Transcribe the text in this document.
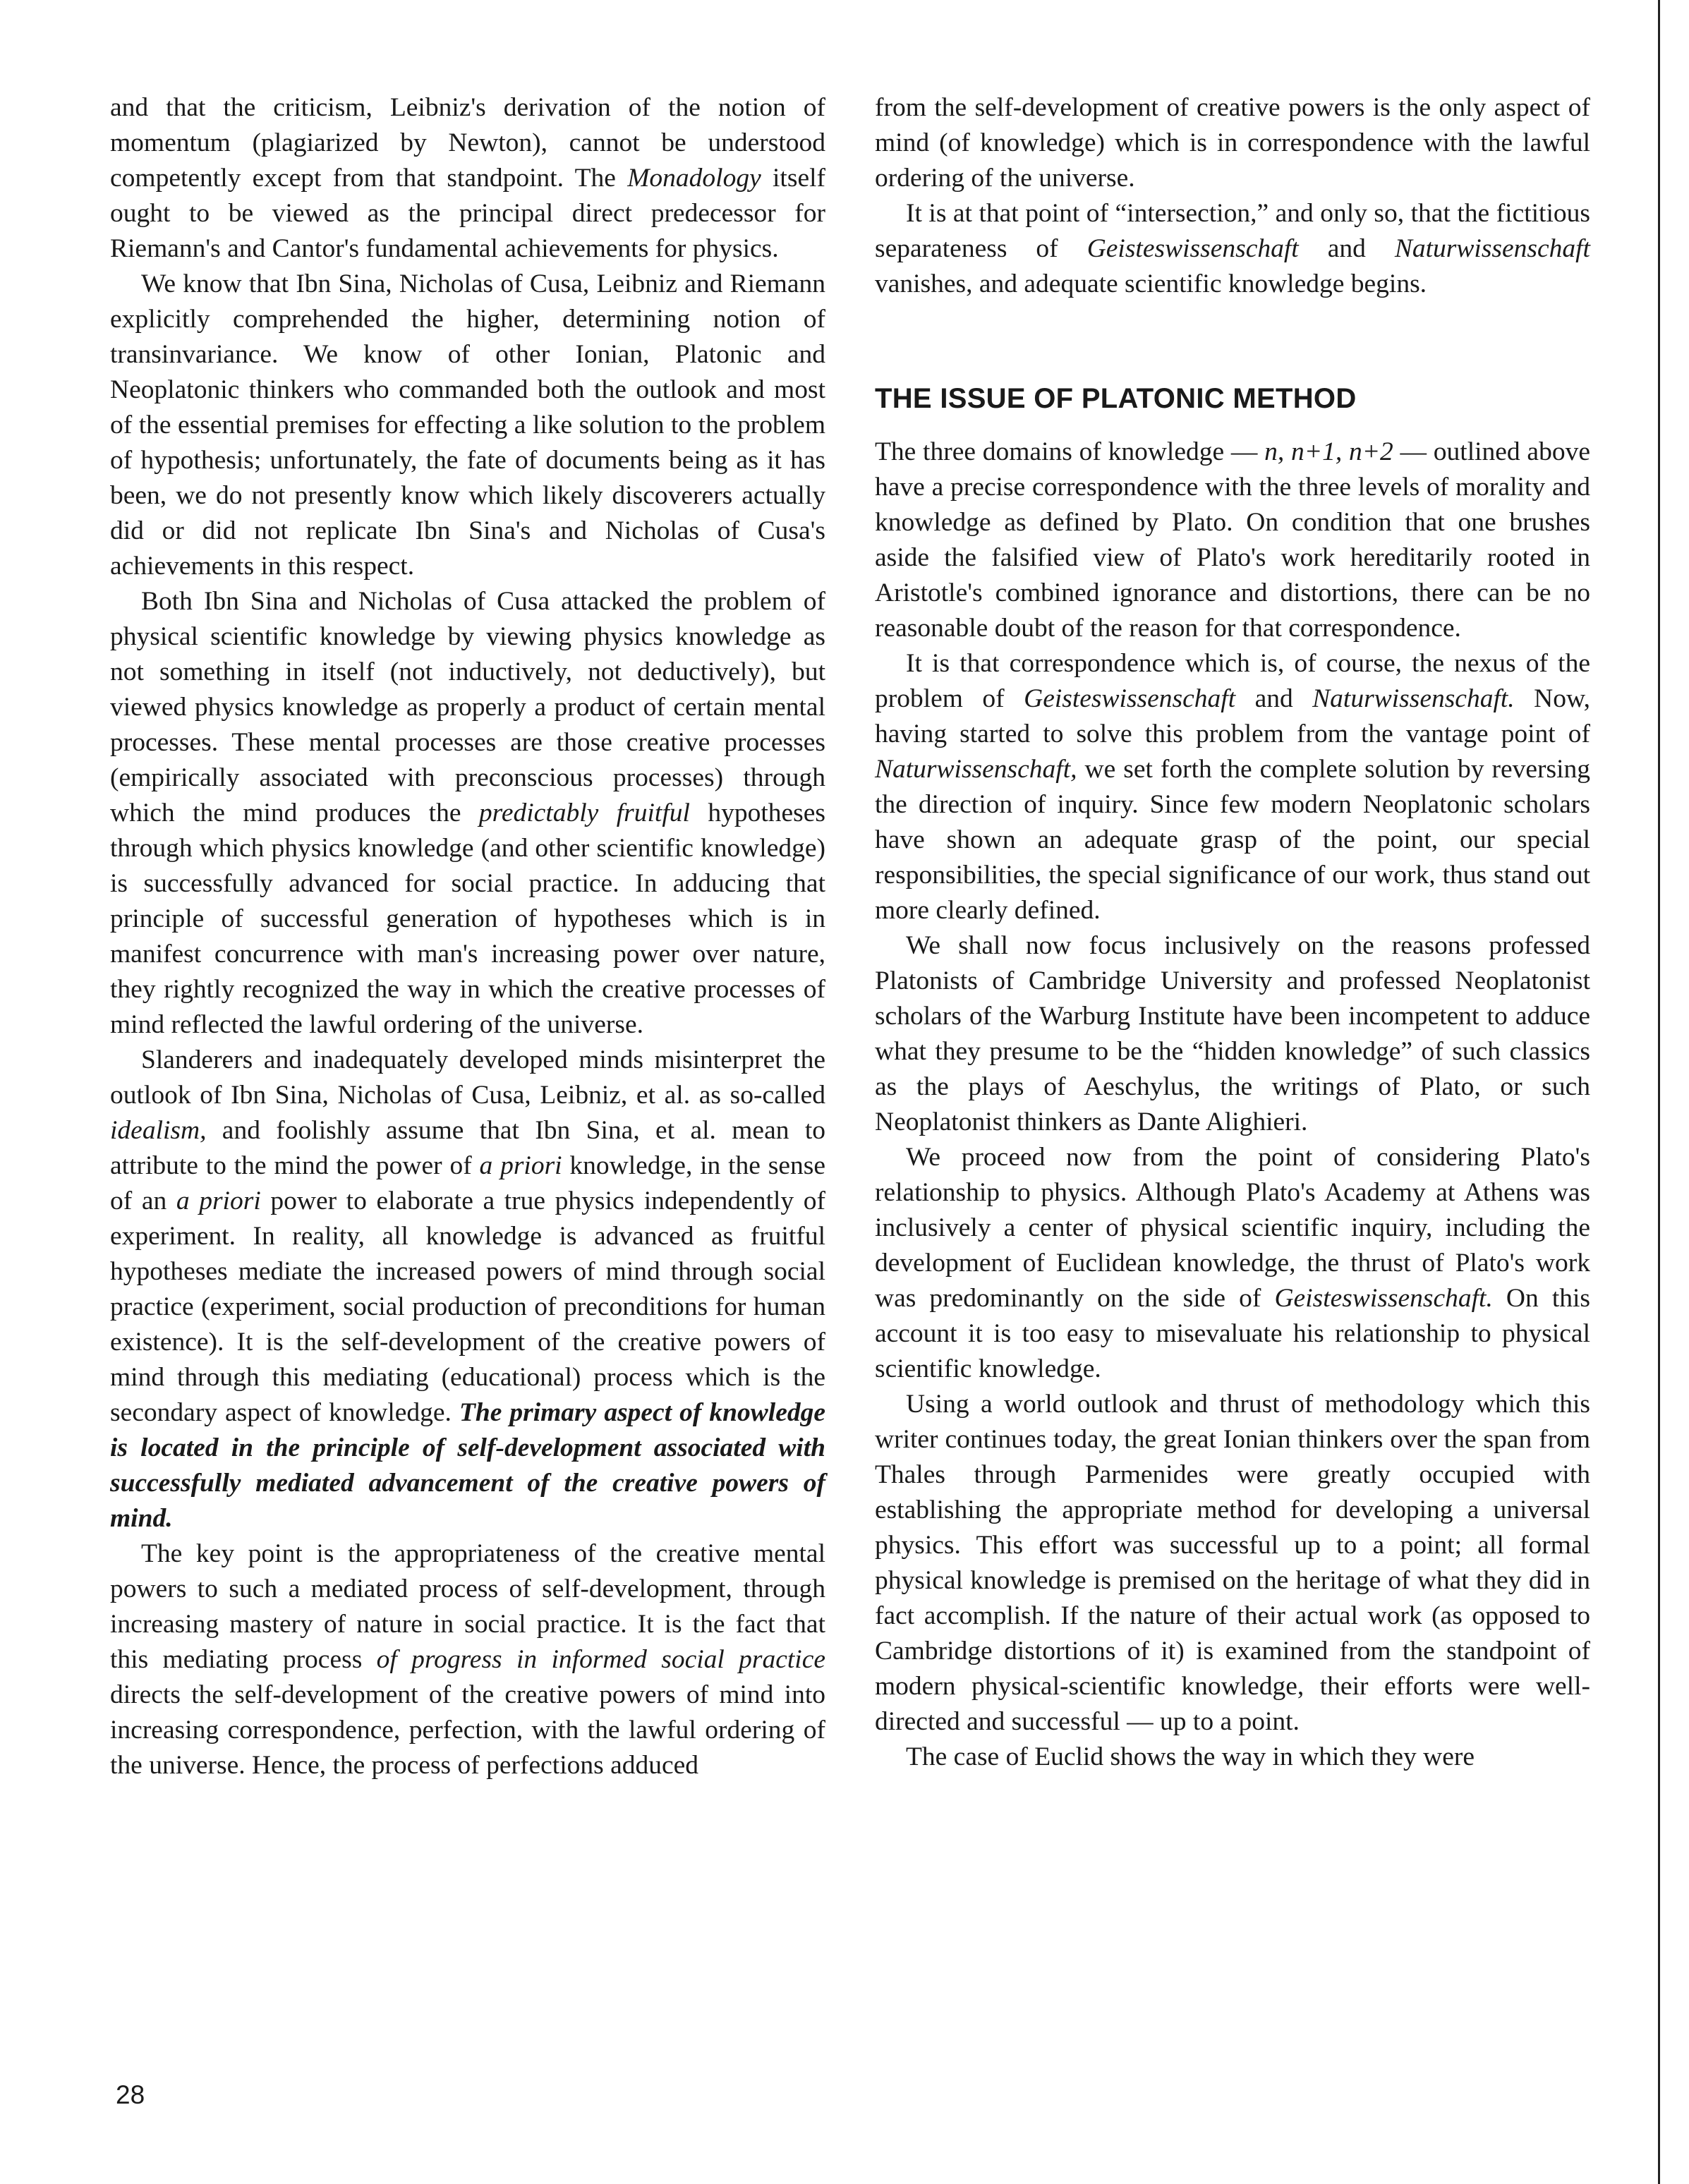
and that the criticism, Leibniz's derivation of the notion of momentum (plagiarized by Newton), cannot be understood competently except from that standpoint. The Monadology itself ought to be viewed as the principal direct predecessor for Riemann's and Cantor's fundamental achievements for physics.

We know that Ibn Sina, Nicholas of Cusa, Leibniz and Riemann explicitly comprehended the higher, determining notion of transinvariance. We know of other Ionian, Platonic and Neoplatonic thinkers who commanded both the outlook and most of the essential premises for effecting a like solution to the problem of hypothesis; unfortunately, the fate of documents being as it has been, we do not presently know which likely discoverers actually did or did not replicate Ibn Sina's and Nicholas of Cusa's achievements in this respect.

Both Ibn Sina and Nicholas of Cusa attacked the problem of physical scientific knowledge by viewing physics knowledge as not something in itself (not inductively, not deductively), but viewed physics knowledge as properly a product of certain mental processes. These mental processes are those creative processes (empirically associated with preconscious processes) through which the mind produces the predictably fruitful hypotheses through which physics knowledge (and other scientific knowledge) is successfully advanced for social practice. In adducing that principle of successful generation of hypotheses which is in manifest concurrence with man's increasing power over nature, they rightly recognized the way in which the creative processes of mind reflected the lawful ordering of the universe.

Slanderers and inadequately developed minds misinterpret the outlook of Ibn Sina, Nicholas of Cusa, Leibniz, et al. as so-called idealism, and foolishly assume that Ibn Sina, et al. mean to attribute to the mind the power of a priori knowledge, in the sense of an a priori power to elaborate a true physics independently of experiment. In reality, all knowledge is advanced as fruitful hypotheses mediate the increased powers of mind through social practice (experiment, social production of preconditions for human existence). It is the self-development of the creative powers of mind through this mediating (educational) process which is the secondary aspect of knowledge. The primary aspect of knowledge is located in the principle of self-development associated with successfully mediated advancement of the creative powers of mind.

The key point is the appropriateness of the creative mental powers to such a mediated process of self-development, through increasing mastery of nature in social practice. It is the fact that this mediating process of progress in informed social practice directs the self-development of the creative powers of mind into increasing correspondence, perfection, with the lawful ordering of the universe. Hence, the process of perfections adduced

from the self-development of creative powers is the only aspect of mind (of knowledge) which is in correspondence with the lawful ordering of the universe.

It is at that point of “intersection,” and only so, that the fictitious separateness of Geisteswissenschaft and Naturwissenschaft vanishes, and adequate scientific knowledge begins.

THE ISSUE OF PLATONIC METHOD

The three domains of knowledge — n, n+1, n+2 — outlined above have a precise correspondence with the three levels of morality and knowledge as defined by Plato. On condition that one brushes aside the falsified view of Plato's work hereditarily rooted in Aristotle's combined ignorance and distortions, there can be no reasonable doubt of the reason for that correspondence.

It is that correspondence which is, of course, the nexus of the problem of Geisteswissenschaft and Naturwissenschaft. Now, having started to solve this problem from the vantage point of Naturwissenschaft, we set forth the complete solution by reversing the direction of inquiry. Since few modern Neoplatonic scholars have shown an adequate grasp of the point, our special responsibilities, the special significance of our work, thus stand out more clearly defined.

We shall now focus inclusively on the reasons professed Platonists of Cambridge University and professed Neoplatonist scholars of the Warburg Institute have been incompetent to adduce what they presume to be the “hidden knowledge” of such classics as the plays of Aeschylus, the writings of Plato, or such Neoplatonist thinkers as Dante Alighieri.

We proceed now from the point of considering Plato's relationship to physics. Although Plato's Academy at Athens was inclusively a center of physical scientific inquiry, including the development of Euclidean knowledge, the thrust of Plato's work was predominantly on the side of Geisteswissenschaft. On this account it is too easy to misevaluate his relationship to physical scientific knowledge.

Using a world outlook and thrust of methodology which this writer continues today, the great Ionian thinkers over the span from Thales through Parmenides were greatly occupied with establishing the appropriate method for developing a universal physics. This effort was successful up to a point; all formal physical knowledge is premised on the heritage of what they did in fact accomplish. If the nature of their actual work (as opposed to Cambridge distortions of it) is examined from the standpoint of modern physical-scientific knowledge, their efforts were well-directed and successful — up to a point.

The case of Euclid shows the way in which they were

28
